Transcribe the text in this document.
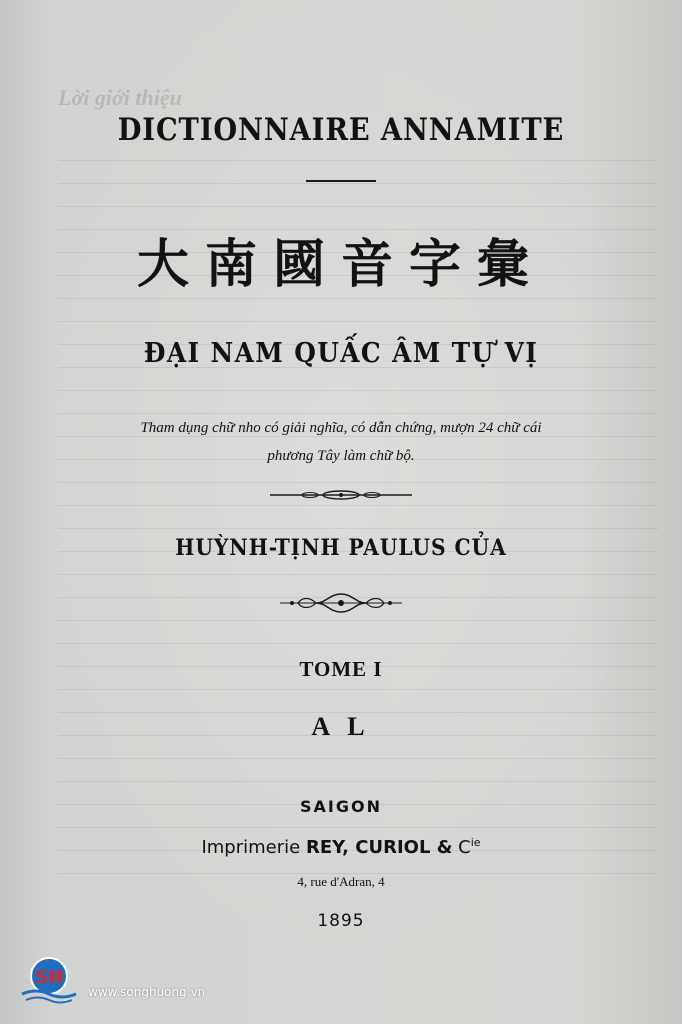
Lời giới thiệu
DICTIONNAIRE ANNAMITE
大南國音字彙
ĐẠI NAM QUẤC ÂM TỰ VỊ
Tham dụng chữ nho có giải nghĩa, có dẫn chứng, mượn 24 chữ cái
phương Tây làm chữ bộ.
HUỲNH-TỊNH PAULUS CỦA
TOME I
A L
SAIGON
Imprimerie REY, CURIOL & $C^{ie}$
4, rue d'Adran, 4
1895
SH
www.songhuong.vn
